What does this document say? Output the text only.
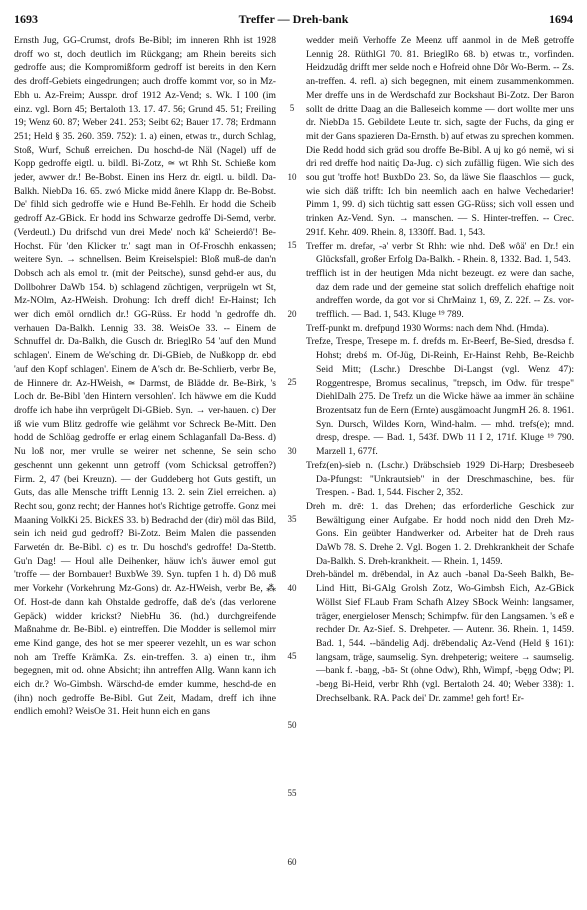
1693	Treffer — Dreh-bank	1694

Ernsth Jug, GG-Crumst, drofs Be-Bibl; im inneren Rhh ist 1928 droff wo st, doch deutlich im Rückgang; am Rhein bereits sich gedroffe aus; die Kompromißform gedroff ist bereits in den Kern des droff-Gebiets eingedrungen; auch droffe kommt vor, so in Mz-Ebh u. Az-Freim; Ausspr. drof 1912 Az-Vend; s. Wk. I 100 (im einz. vgl. Born 45; Bertaloth 13. 17. 47. 56; Grund 45. 51; Freiling 19; Wenz 60. 87; Weber 241. 253; Seibt 62; Bauer 17. 78; Erdmann 251; Held § 35. 260. 359. 752): 1. a) einen, etwas tr., durch Schlag, Stoß, Wurf, Schuß erreichen. Du hoschd-de Näl (Nagel) uff de Kopp gedroffe eigtl. u. bildl. Bi-Zotz, ≃ wt Rhh St. Schieße kom jeder, awwer dr.! Be-Bobst. Einen ins Herz dr. eigtl. u. bildl. Da-Balkh. NiebDa 16. 65. zwó Micke midd ânere Klapp dr. Be-Bobst. De' fihld sich gedroffe wie e Hund Be-Fehlh. Er hodd die Scheib gedroff Az-GBick. Er hodd ins Schwarze gedroffe Di-Semd, verbr. (Verdeutl.) Du drifschd vun drei Mede' noch kâ' Scheierdô'! Be-Hochst. Für 'den Klicker tr.' sagt man in Of-Froschh enkassen; weitere Syn. → schnellsen. Beim Kreiselspiel: Bloß muß-de dan'n Dobsch ach als emol tr. (mit der Peitsche), sunsd gehd-er aus, du Dollbohrer DaWb 154. b) schlagend züchtigen, verprügeln wt St, Mz-NOlm, Az-HWeish. Drohung: Ich dreff dich! Er-Hainst; Ich wer dich emöl orndlich dr.! GG-Rüss. Er hodd 'n gedroffe dh. verhauen Da-Balkh. Lennig 33. 38. WeisOe 33. -- Einem de Schnuffel dr. Da-Balkh, die Gusch dr. BrieglRo 54 'auf den Mund schlagen'. Einem de We'sching dr. Di-GBieb, de Nußkopp dr. ebd 'auf den Kopf schlagen'. Einem de A'sch dr. Be-Schlierb, verbr Be, de Hinnere dr. Az-HWeish, ≃ Darmst, de Blädde dr. Be-Birk, 's Loch dr. Be-Bibl 'den Hintern versohlen'. Ich häwwe em die Kudd droffe ich habe ihn verprügelt Di-GBieb. Syn. → ver-hauen. c) Der iß wie vum Blitz gedroffe wie gelähmt vor Schreck Be-Mitt. Den hodd de Schlöag gedroffe er erlag einem Schlaganfall Da-Bess. d) Nu loß nor, mer vrulle se weirer net schenne, Se sein scho geschennt unn gekennt unn getroff (vom Schicksal getroffen?) Firm. 2, 47 (bei Kreuzn). — der Guddeberg hot Guts gestift, un Guts, das alle Mensche trifft Lennig 13. 2. sein Ziel erreichen. a) Recht sou, gonz recht; der Hannes hot's Richtige getroffe. Gonz mei Maaning VolkKi 25. BickES 33. b) Bedrachd der (dir) möl das Bild, sein ich neid gud gedroff? Bi-Zotz. Beim Malen die passenden Farwetén dr. Be-Bibl. c) es tr. Du hoschd's gedroffe! Da-Stettb. Gu'n Dag! — Houl alle Deihenker, häuw ich's äuwer emol gut 'troffe — der Bornbauer! BuxbWe 39. Syn. tupfen 1 h. d) Dô muß mer Vorkehr (Vorkehrung Mz-Gons) dr. Az-HWeish, verbr Be, ⁂ Of. Host-de dann kah Ohstalde gedroffe, daß de's (das verlorene Gepäck) widder krickst? NiebHu 36. (hd.) durchgreifende Maßnahme dr. Be-Bibl. e) eintreffen. Die Modder is sellemol mirr eme Kind gange, des hot se mer speerer vezehlt, un es war schon noh am Treffe KrämKa. Zs. ein-treffen. 3. a) einen tr., ihm begegnen, mit od. ohne Absicht; ihn antreffen Allg. Wann kann ich eich dr.? Wo-Gimbsh. Wärschd-de emder kumme, heschd-de en (ihn) noch gedroffe Be-Bibl. Gut Zeit, Madam, dreff ich ihne endlich emohl? WeisOe 31. Heit hunn eich en gans

5
10
15
20
25
30
35
40
45
50
55
60

wedder meiñ Verhoffe Ze Meenz uff aanmol in de Meß getroffe Lennig 28. RüthlGl 70. 81. BrieglRo 68. b) etwas tr., vorfinden. Heidzudåg drifft mer selde noch e Hofreid ohne Dôr Wo-Berm. -- Zs. an-treffen. 4. refl. a) sich begegnen, mit einem zusammenkommen. Mer dreffe uns in de Werdschafd zur Bockshaut Bi-Zotz. Der Baron sollt de dritte Daag an die Balleseich komme — dort wollte mer uns dr. NiebDa 15. Gebildete Leute tr. sich, sagte der Fuchs, da ging er mit der Gans spazieren Da-Ernsth. b) auf etwas zu sprechen kommen. Die Redd hodd sich gräd sou droffe Be-Bibl. A uj ko gó nemë, wi si dri red dreffe hod naitiç Da-Jug. c) sich zufällig fügen. Wie sich des sou gut 'troffe hot! BuxbDo 23. So, da läwe Sie flaaschlos — guck, wie sich däß trifft: Ich bin neemlich aach en halwe Vechedarier! Pimm 1, 99. d) sich tüchtig satt essen GG-Rüss; sich voll essen und trinken Az-Vend. Syn. → manschen. — S. Hinter-treffen. -- Crec. 291f. Kehr. 409. Rhein. 8, 1330ff. Bad. 1, 543.

Treffer m. drefər, -ə' verbr St Rhh: wie nhd. Deß wôä' en Dr.! ein Glücksfall, großer Erfolg Da-Balkh. - Rhein. 8, 1332. Bad. 1, 543.

trefflich ist in der heutigen Mda nicht bezeugt. ez were dan sache, daz dem rade und der gemeine stat solich dreffelich ehaftige noit andreffen worde, da got vor si ChrMainz 1, 69, Z. 22f. -- Zs. vor-trefflich. — Bad. 1, 543. Kluge ¹⁹ 789.

Treff-punkt m. drefpuŋd 1930 Worms: nach dem Nhd. (Hmda).

Trefze, Trespe, Tresepe m. f. drefds m. Er-Beerf, Be-Sied, dresdsə f. Hohst; drebś m. Of-Jüg, Di-Reinh, Er-Hainst Rehb, Be-Reichb Seid Mitt; (Lschr.) Dreschbe Di-Langst (vgl. Wenz 47): Roggentrespe, Bromus secalinus, "trepsch, im Odw. für trespe" DiehlDalh 275. De Trefz un die Wicke häwe aa immer än schäine Brozentsatz fun de Eern (Ernte) ausgämoacht JungmH 26. 8. 1961. Syn. Dursch, Wildes Korn, Wind-halm. — mhd. trefs(e); mnd. dresp, drespe. — Bad. 1, 543f. DWb 11 I 2, 171f. Kluge ¹⁹ 790. Marzell 1, 677f.

Trefz(en)-sieb n. (Lschr.) Dräbschsieb 1929 Di-Harp; Dresbeseeb Da-Pfungst: "Unkrautsieb" in der Dreschmaschine, bes. für Trespen. - Bad. 1, 544. Fischer 2, 352.

Dreh m. drē: 1. das Drehen; das erforderliche Geschick zur Bewältigung einer Aufgabe. Er hodd noch nidd den Dreh Mz-Gons. Ein geübter Handwerker od. Arbeiter hat de Dreh raus DaWb 78. S. Drehe 2. Vgl. Bogen 1. 2. Drehkrankheit der Schafe Da-Balkh. S. Dreh-krankheit. — Rhein. 1, 1459.

Dreh-bändel m. drēbendəl, in Az auch -bənəl Da-Seeh Balkh, Be-Lind Hitt, Bi-GAlg Grolsh Zotz, Wo-Gimbsh Eich, Az-GBick Wöllst Sief FLaub Fram Schafh Alzey SBock Weinh: langsamer, träger, energieloser Mensch; Schimpfw. für den Langsamen. 's eß e rechder Dr. Az-Sief. S. Drehpeter. — Autenr. 36. Rhein. 1, 1459. Bad. 1, 544. --bändelig Adj. drēbendəliç Az-Vend (Held § 161): langsam, träge, saumselig. Syn. drehpeterig; weitere → saumselig. —bank f. -baŋg, -bā- St (ohne Odw), Rhh, Wimpf, -bęŋg Odw; Pl. -beŋg Bi-Heid, verbr Rhh (vgl. Bertaloth 24. 40; Weber 338): 1. Drechselbank. RA. Pack dei' Dr. zamme! geh fort! Er-
